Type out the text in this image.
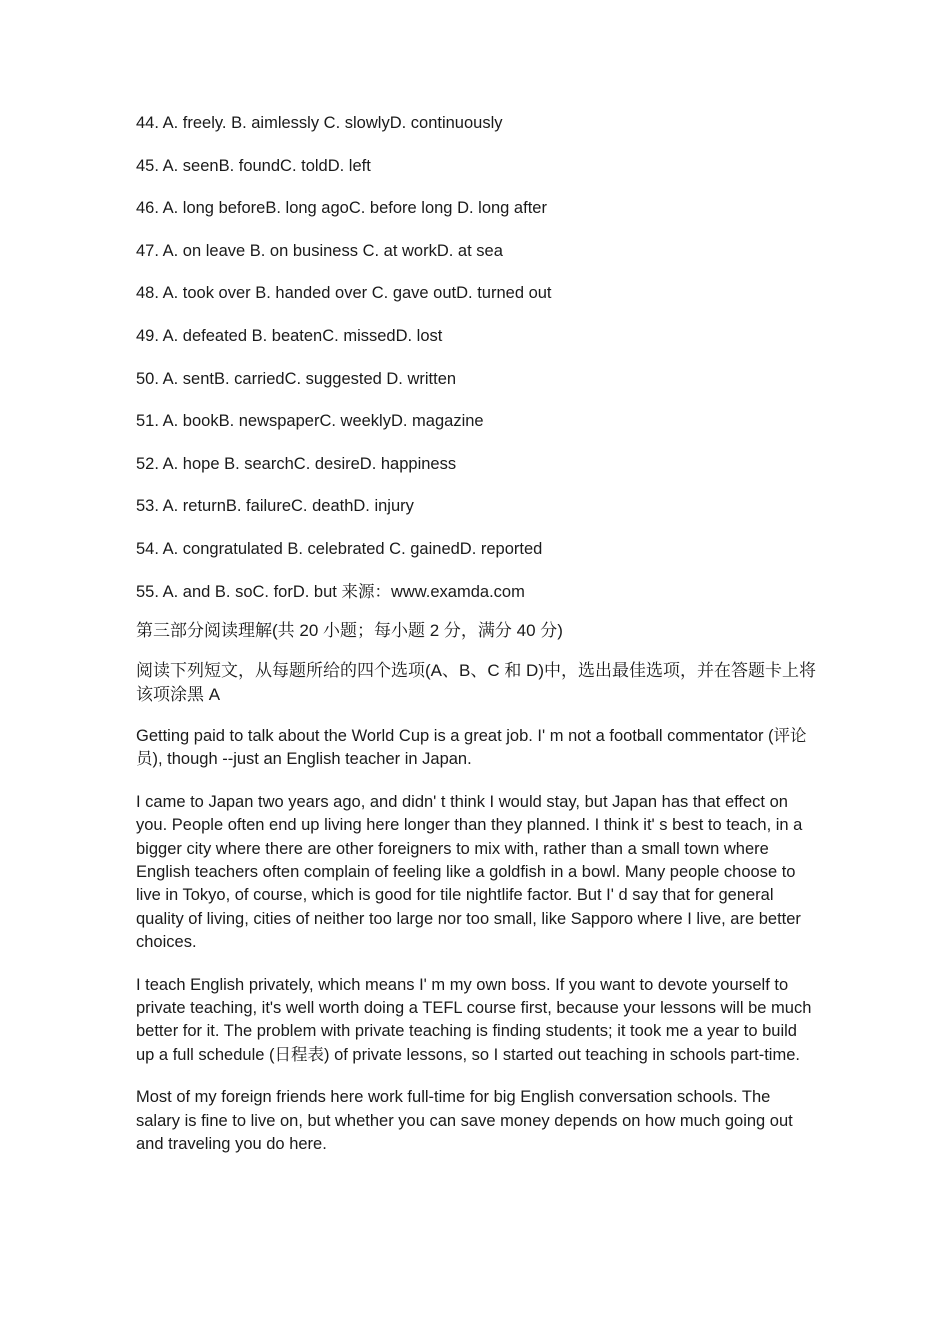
44. A. freely. B. aimlessly C. slowlyD. continuously

45. A. seenB. foundC. toldD. left

46. A. long beforeB. long agoC. before long D. long after

47. A. on leave B. on business C. at workD. at sea

48. A. took over B. handed over C. gave outD. turned out

49. A. defeated B. beatenC. missedD. lost

50. A. sentB. carriedC. suggested D. written

51. A. bookB. newspaperC. weeklyD. magazine

52. A. hope B. searchC. desireD. happiness

53. A. returnB. failureC. deathD. injury

54. A. congratulated B. celebrated C. gainedD. reported

55. A. and B. soC. forD. but 来源：www.examda.com

第三部分阅读理解(共 20 小题；每小题 2 分，满分 40 分)

阅读下列短文，从每题所给的四个选项(A、B、C 和 D)中，选出最佳选项，并在答题卡上将该项涂黑 A

Getting paid to talk about the World Cup is a great job. I' m not a football commentator (评论员), though --just an English teacher in Japan.

I came to Japan two years ago, and didn' t think I would stay, but Japan has that effect on you. People often end up living here longer than they planned. I think it' s best to teach, in a bigger city where there are other foreigners to mix with, rather than a small town where English teachers often complain of feeling like a goldfish in a bowl. Many people choose to live in Tokyo, of course, which is good for tile nightlife factor. But I' d say that for general quality of living, cities of neither too large nor too small, like Sapporo where I live, are better choices.

I teach English privately, which means I' m my own boss. If you want to devote yourself to private teaching, it's well worth doing a TEFL course first, because your lessons will be much better for it. The problem with private teaching is finding students; it took me a year to build up a full schedule (日程表) of private lessons, so I started out teaching in schools part-time.

Most of my foreign friends here work full-time for big English conversation schools. The salary is fine to live on, but whether you can save money depends on how much going out and traveling you do here.
